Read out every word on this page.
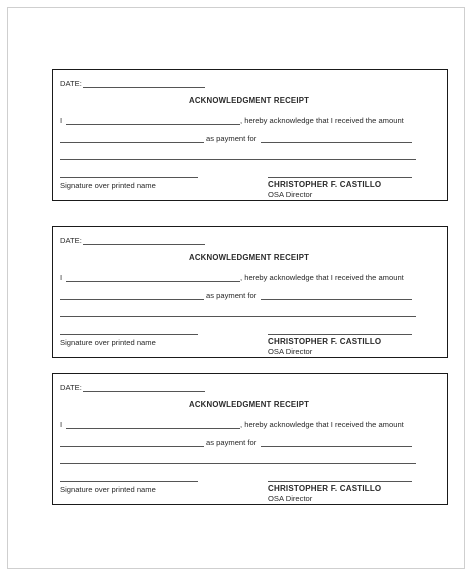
DATE:
ACKNOWLEDGMENT RECEIPT
I	, hereby acknowledge that I received the amount
as payment for
Signature over printed name	CHRISTOPHER F. CASTILLO
OSA Director
DATE:
ACKNOWLEDGMENT RECEIPT
I	, hereby acknowledge that I received the amount
as payment for
Signature over printed name	CHRISTOPHER F. CASTILLO
OSA Director
DATE:
ACKNOWLEDGMENT RECEIPT
I	, hereby acknowledge that I received the amount
as payment for
Signature over printed name	CHRISTOPHER F. CASTILLO
OSA Director
